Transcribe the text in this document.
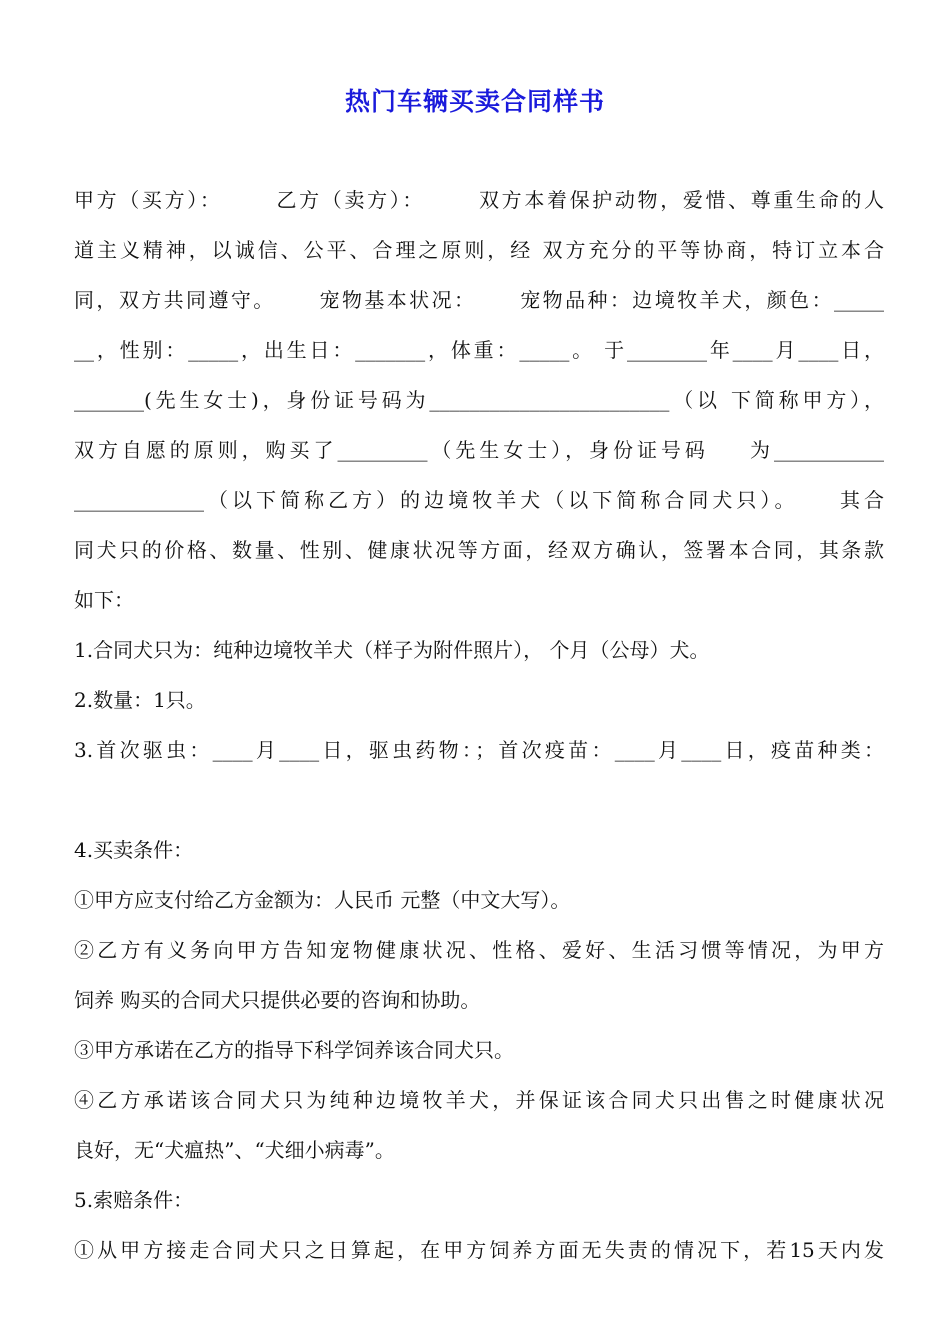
热门车辆买卖合同样书
甲方（买方）：      乙方（卖方）：      双方本着保护动物，爱惜、尊重生命的人
道主义精神，以诚信、公平、合理之原则，经 双方充分的平等协商，特订立本合
同，双方共同遵守。     宠物基本状况：     宠物品种：边境牧羊犬，颜色：_____
__，性别：_____，出生日：_______，体重：_____。 于________年____月____日，
_______(先生女士)，身份证号码为________________________（以 下简称甲方），
双方自愿的原则，购买了_________（先生女士），身份证号码    为___________
_____________（以下简称乙方）的边境牧羊犬（以下简称合同犬只）。    其合
同犬只的价格、数量、性别、健康状况等方面，经双方确认，签署本合同，其条款
如下：
1.合同犬只为：纯种边境牧羊犬（样子为附件照片）， 个月（公母）犬。
2.数量：1只。
3.首次驱虫：____月____日，驱虫药物：；首次疫苗：____月____日，疫苗种类：
4.买卖条件：
①甲方应支付给乙方金额为：人民币 元整（中文大写）。
②乙方有义务向甲方告知宠物健康状况、性格、爱好、生活习惯等情况，为甲方
饲养 购买的合同犬只提供必要的咨询和协助。
③甲方承诺在乙方的指导下科学饲养该合同犬只。
④乙方承诺该合同犬只为纯种边境牧羊犬，并保证该合同犬只出售之时健康状况
良好，无“犬瘟热”、“犬细小病毒”。
5.索赔条件：
①从甲方接走合同犬只之日算起，在甲方饲养方面无失责的情况下，若15天内发
